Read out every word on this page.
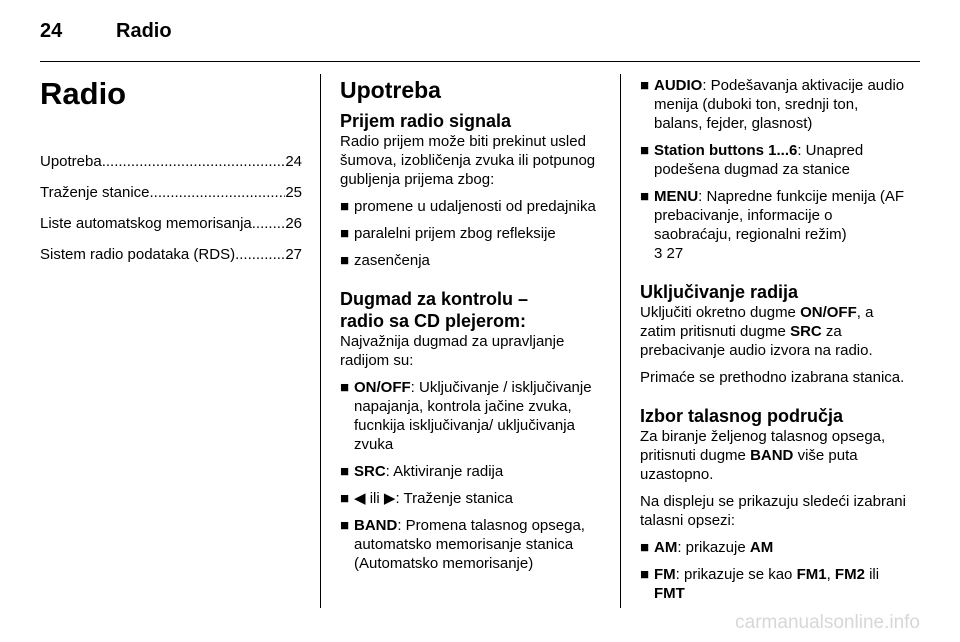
24	Radio
Radio
Upotreba .....	24
Traženje stanice .....	25
Liste automatskog memorisanja ..... 26
Sistem radio podataka (RDS) .....	27
Upotreba
Prijem radio signala

Radio prijem može biti prekinut usled šumova, izobličenja zvuka ili potpunog gubljenja prijema zbog:

■ promene u udaljenosti od predajnika
■ paralelni prijem zbog refleksije
■ zasenčenja
Dugmad za kontrolu –
radio sa CD plejerom:

Najvažnija dugmad za upravljanje radijom su:

■ ON/OFF: Uključivanje / isključivanje napajanja, kontrola jačine zvuka, fucnkija isključivanja/ uključivanja zvuka
■ SRC: Aktiviranje radija
■ ◀ ili ▶: Traženje stanica
■ BAND: Promena talasnog opsega, automatsko memorisanje stanica (Automatsko memorisanje)
■ AUDIO: Podešavanja aktivacije audio menija (duboki ton, srednji ton, balans, fejder, glasnost)
■ Station buttons 1...6: Unapred podešena dugmad za stanice
■ MENU: Napredne funkcije menija (AF prebacivanje, informacije o saobraćaju, regionalni režim)
3 27
Uključivanje radija

Uključiti okretno dugme ON/OFF, a zatim pritisnuti dugme SRC za prebacivanje audio izvora na radio.

Primaće se prethodno izabrana stanica.

Izbor talasnog područja

Za biranje željenog talasnog opsega, pritisnuti dugme BAND više puta uzastopno.

Na displeju se prikazuju sledeći izabrani talasni opsezi:

■ AM: prikazuje AM
■ FM: prikazuje se kao FM1, FM2 ili FMT
carmanualsonline.info
